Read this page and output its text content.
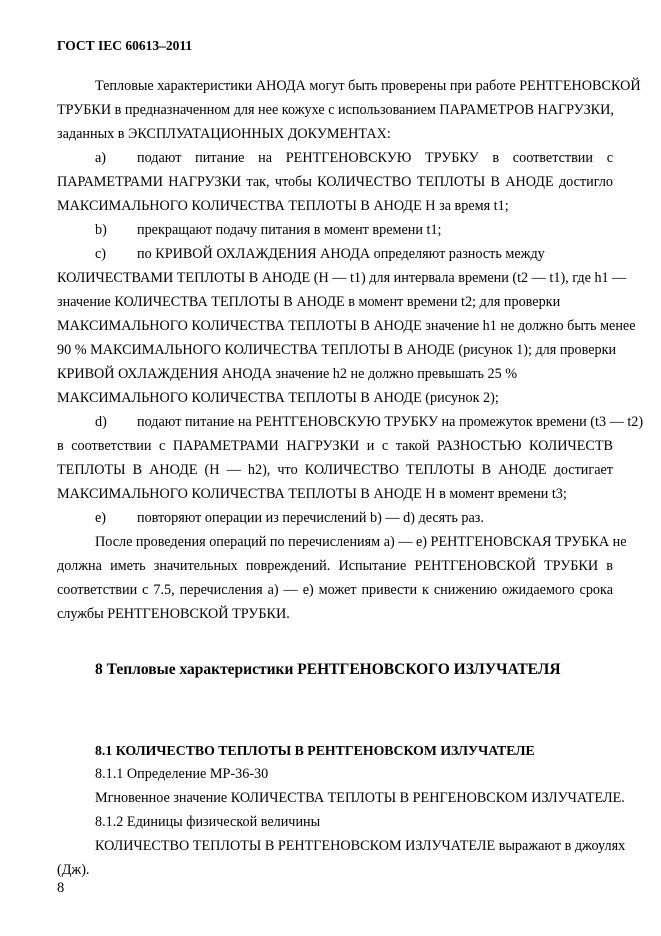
ГОСТ IEC 60613–2011
Тепловые характеристики АНОДА могут быть проверены при работе РЕНТГЕНОВСКОЙ
ТРУБКИ в предназначенном для нее кожухе с использованием ПАРАМЕТРОВ НАГРУЗКИ,
заданных в ЭКСПЛУАТАЦИОННЫХ ДОКУМЕНТАХ:
a) подают питание на РЕНТГЕНОВСКУЮ ТРУБКУ в соответствии с
ПАРАМЕТРАМИ НАГРУЗКИ так, чтобы КОЛИЧЕСТВО ТЕПЛОТЫ В АНОДЕ достигло
МАКСИМАЛЬНОГО КОЛИЧЕСТВА ТЕПЛОТЫ В АНОДЕ H за время t1;
b) прекращают подачу питания в момент времени t1;
c) по КРИВОЙ ОХЛАЖДЕНИЯ АНОДА определяют разность между
КОЛИЧЕСТВАМИ ТЕПЛОТЫ В АНОДЕ (H — t1) для интервала времени (t2 — t1), где h1 —
значение КОЛИЧЕСТВА ТЕПЛОТЫ В АНОДЕ в момент времени t2; для проверки
МАКСИМАЛЬНОГО КОЛИЧЕСТВА ТЕПЛОТЫ В АНОДЕ значение h1 не должно быть менее
90 % МАКСИМАЛЬНОГО КОЛИЧЕСТВА ТЕПЛОТЫ В АНОДЕ (рисунок 1); для проверки
КРИВОЙ ОХЛАЖДЕНИЯ АНОДА значение h2 не должно превышать 25 %
МАКСИМАЛЬНОГО КОЛИЧЕСТВА ТЕПЛОТЫ В АНОДЕ (рисунок 2);
d) подают питание на РЕНТГЕНОВСКУЮ ТРУБКУ на промежуток времени (t3 — t2)
в соответствии с ПАРАМЕТРАМИ НАГРУЗКИ и с такой РАЗНОСТЬЮ КОЛИЧЕСТВ
ТЕПЛОТЫ В АНОДЕ (H — h2), что КОЛИЧЕСТВО ТЕПЛОТЫ В АНОДЕ достигает
МАКСИМАЛЬНОГО КОЛИЧЕСТВА ТЕПЛОТЫ В АНОДЕ Н в момент времени t3;
e) повторяют операции из перечислений b) — d) десять раз.
После проведения операций по перечислениям а) — е) РЕНТГЕНОВСКАЯ ТРУБКА не
должна иметь значительных повреждений. Испытание РЕНТГЕНОВСКОЙ ТРУБКИ в
соответствии с 7.5, перечисления а) — е) может привести к снижению ожидаемого срока
службы РЕНТГЕНОВСКОЙ ТРУБКИ.
8 Тепловые характеристики РЕНТГЕНОВСКОГО ИЗЛУЧАТЕЛЯ
8.1 КОЛИЧЕСТВО ТЕПЛОТЫ В РЕНТГЕНОВСКОМ ИЗЛУЧАТЕЛЕ
8.1.1 Определение МР-36-30
Мгновенное значение КОЛИЧЕСТВА ТЕПЛОТЫ В РЕНГЕНОВСКОМ ИЗЛУЧАТЕЛЕ.
8.1.2 Единицы физической величины
КОЛИЧЕСТВО ТЕПЛОТЫ В РЕНТГЕНОВСКОМ ИЗЛУЧАТЕЛЕ выражают в джоулях
(Дж).
8
